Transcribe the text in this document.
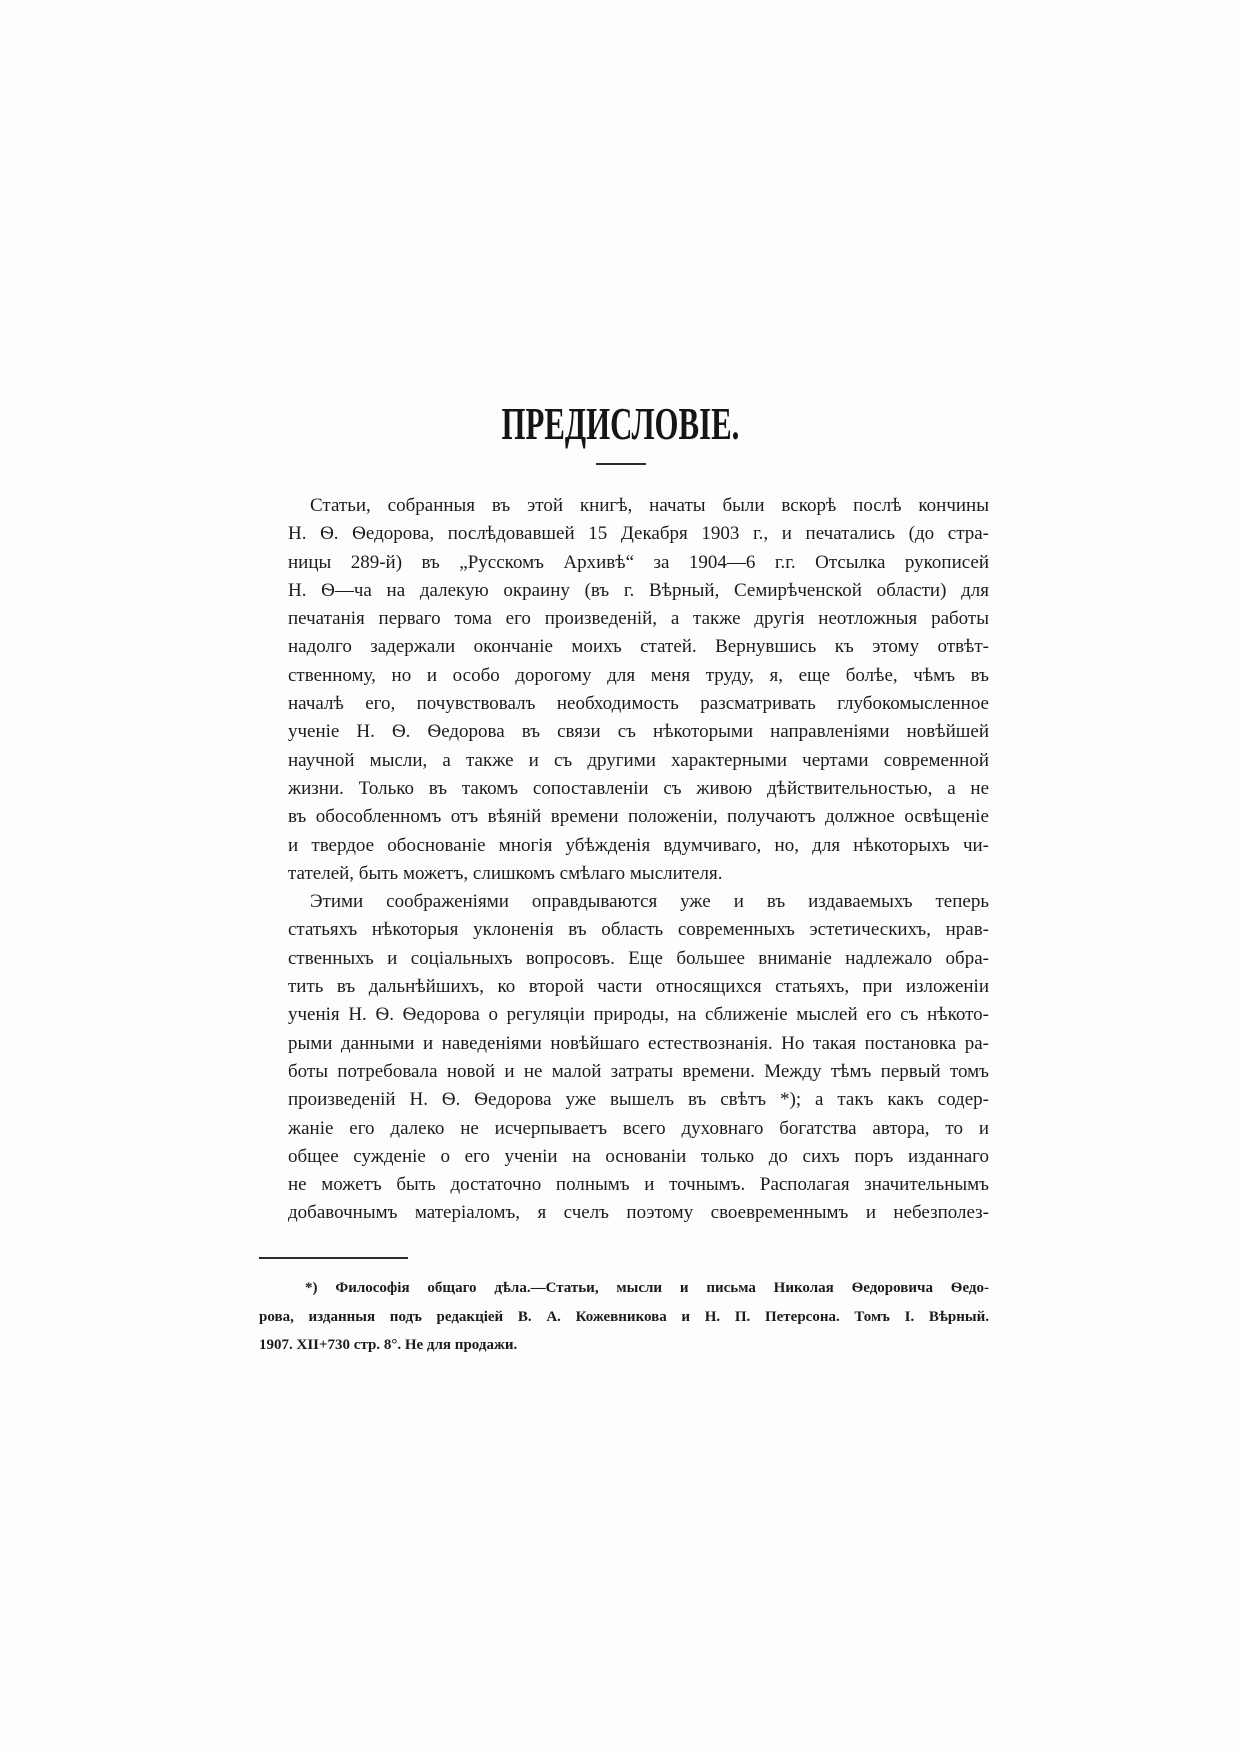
ПРЕДИСЛОВІЕ.
Статьи, собранныя въ этой книгѣ, начаты были вскорѣ послѣ кончины
Н. Ѳ. Ѳедорова, послѣдовавшей 15 Декабря 1903 г., и печатались (до стра-
ницы 289-й) въ „Русскомъ Архивѣ“ за 1904—6 г.г. Отсылка рукописей
Н. Ѳ—ча на далекую окраину (въ г. Вѣрный, Семирѣченской области) для
печатанія перваго тома его произведеній, а также другія неотложныя работы
надолго задержали окончаніе моихъ статей. Вернувшись къ этому отвѣт-
ственному, но и особо дорогому для меня труду, я, еще болѣе, чѣмъ въ
началѣ его, почувствовалъ необходимость разсматривать глубокомысленное
ученіе Н. Ѳ. Ѳедорова въ связи съ нѣкоторыми направленіями новѣйшей
научной мысли, а также и съ другими характерными чертами современной
жизни. Только въ такомъ сопоставленіи съ живою дѣйствительностью, а не
въ обособленномъ отъ вѣяній времени положеніи, получаютъ должное освѣщеніе
и твердое обоснованіе многія убѣжденія вдумчиваго, но, для нѣкоторыхъ чи-
тателей, быть можетъ, слишкомъ смѣлаго мыслителя.
Этими соображеніями оправдываются уже и въ издаваемыхъ теперь
статьяхъ нѣкоторыя уклоненія въ область современныхъ эстетическихъ, нрав-
ственныхъ и соціальныхъ вопросовъ. Еще большее вниманіе надлежало обра-
тить въ дальнѣйшихъ, ко второй части относящихся статьяхъ, при изложеніи
ученія Н. Ѳ. Ѳедорова о регуляціи природы, на сближеніе мыслей его съ нѣкото-
рыми данными и наведеніями новѣйшаго естествознанія. Но такая постановка ра-
боты потребовала новой и не малой затраты времени. Между тѣмъ первый томъ
произведеній Н. Ѳ. Ѳедорова уже вышелъ въ свѣтъ *); а такъ какъ содер-
жаніе его далеко не исчерпываетъ всего духовнаго богатства автора, то и
общее сужденіе о его ученіи на основаніи только до сихъ поръ изданнаго
не можетъ быть достаточно полнымъ и точнымъ. Располагая значительнымъ
добавочнымъ матеріаломъ, я счелъ поэтому своевременнымъ и небезполез-
*) Философія общаго дѣла.—Статьи, мысли и письма Николая Ѳедоровича Ѳедо-
рова, изданныя подъ редакціей В. А. Кожевникова и Н. П. Петерсона. Томъ I. Вѣрный.
1907. XII+730 стр. 8°. Не для продажи.
